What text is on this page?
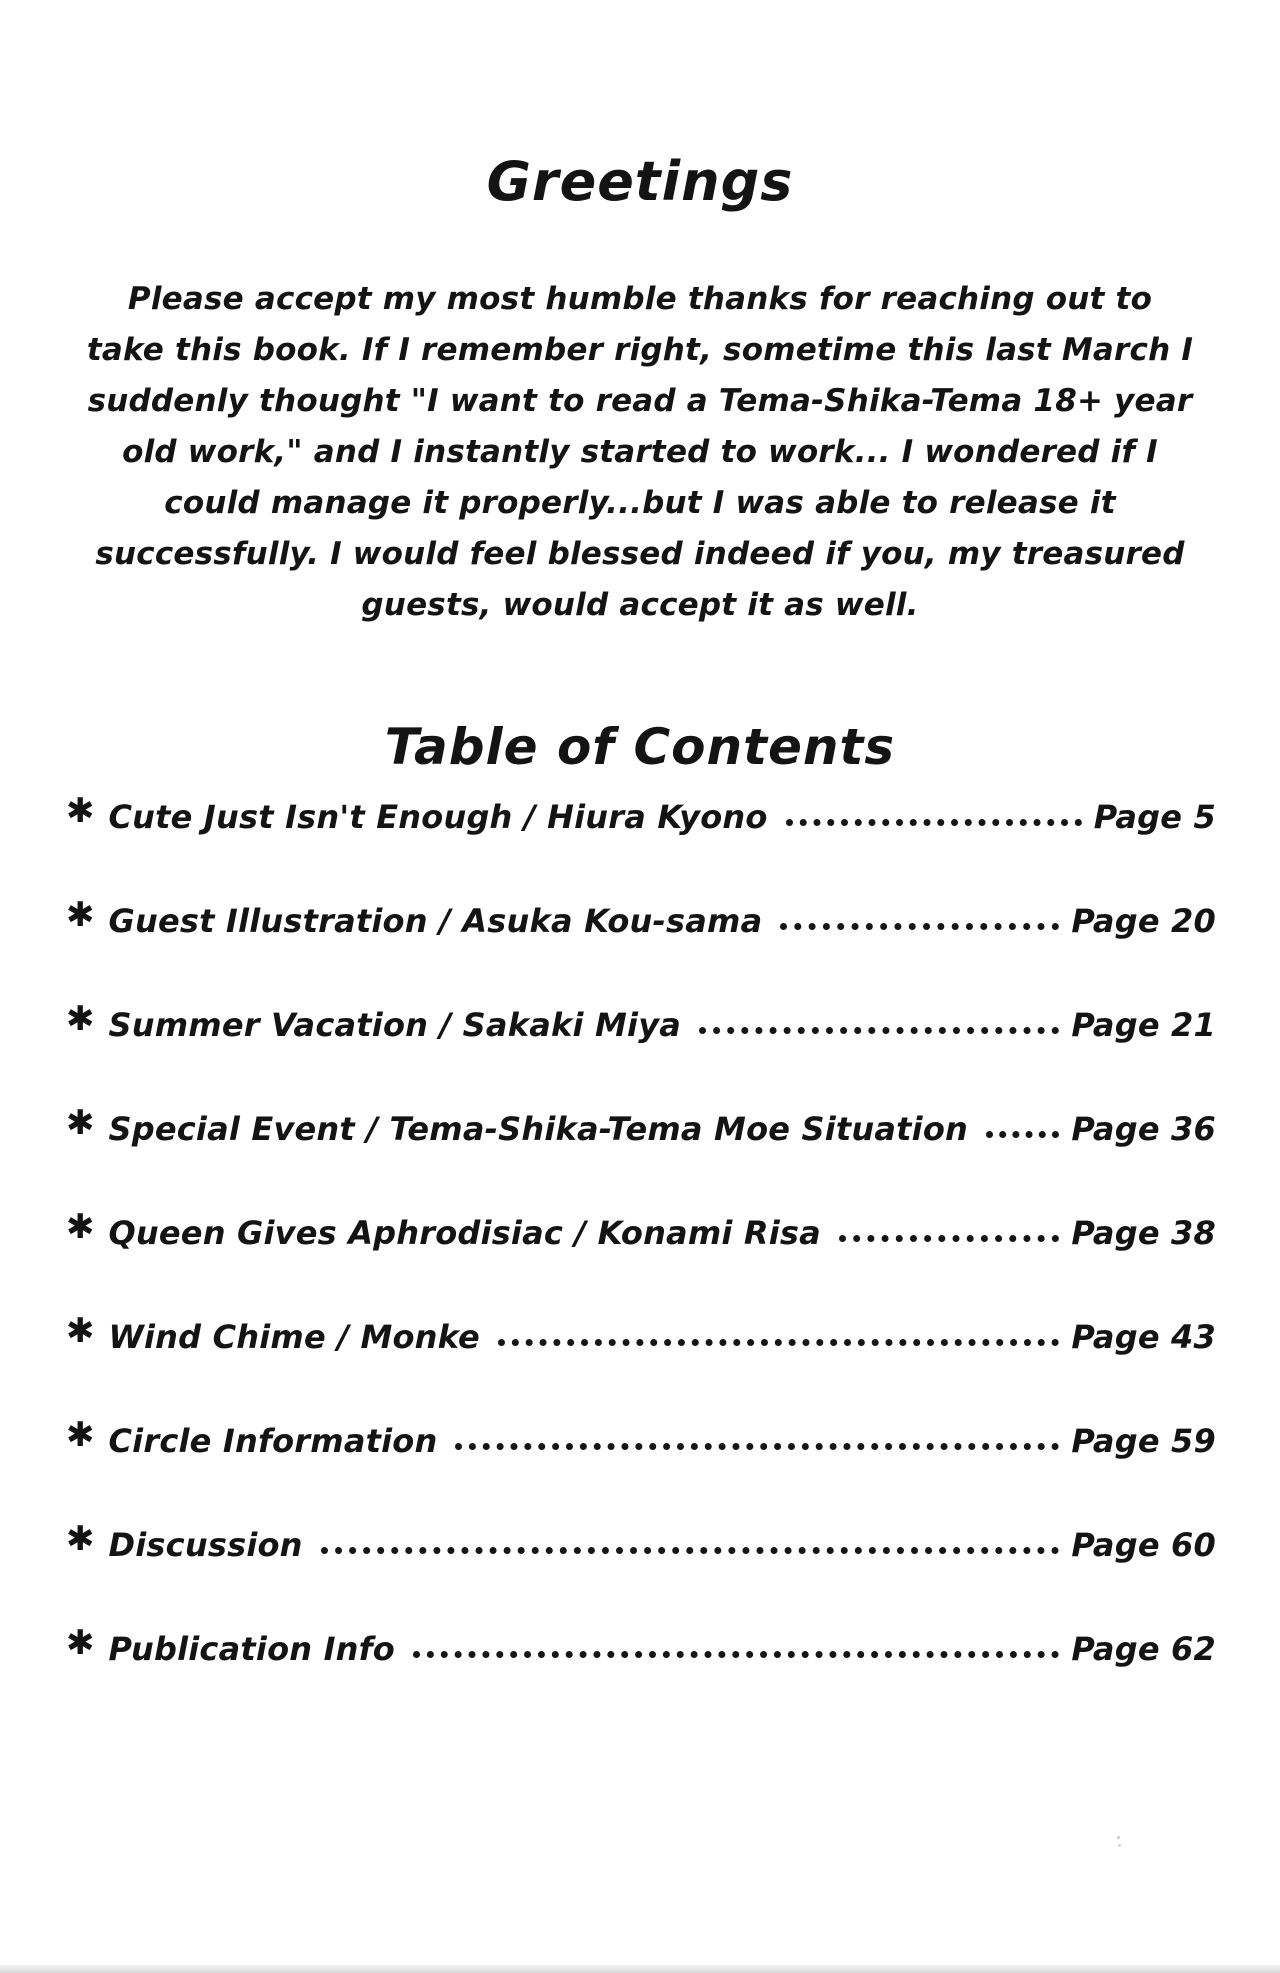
Greetings
Please accept my most humble thanks for reaching out to
take this book. If I remember right, sometime this last March I
suddenly thought "I want to read a Tema-Shika-Tema 18+ year
old work," and I instantly started to work... I wondered if I
could manage it properly...but I was able to release it
successfully. I would feel blessed indeed if you, my treasured
guests, would accept it as well.
Table of Contents
✱ Cute Just Isn't Enough / Hiura Kyono	Page 5
✱ Guest Illustration / Asuka Kou-sama	Page 20
✱ Summer Vacation / Sakaki Miya	Page 21
✱ Special Event / Tema-Shika-Tema Moe Situation	Page 36
✱ Queen Gives Aphrodisiac / Konami Risa	Page 38
✱ Wind Chime / Monke	Page 43
✱ Circle Information	Page 59
✱ Discussion	Page 60
✱ Publication Info	Page 62
